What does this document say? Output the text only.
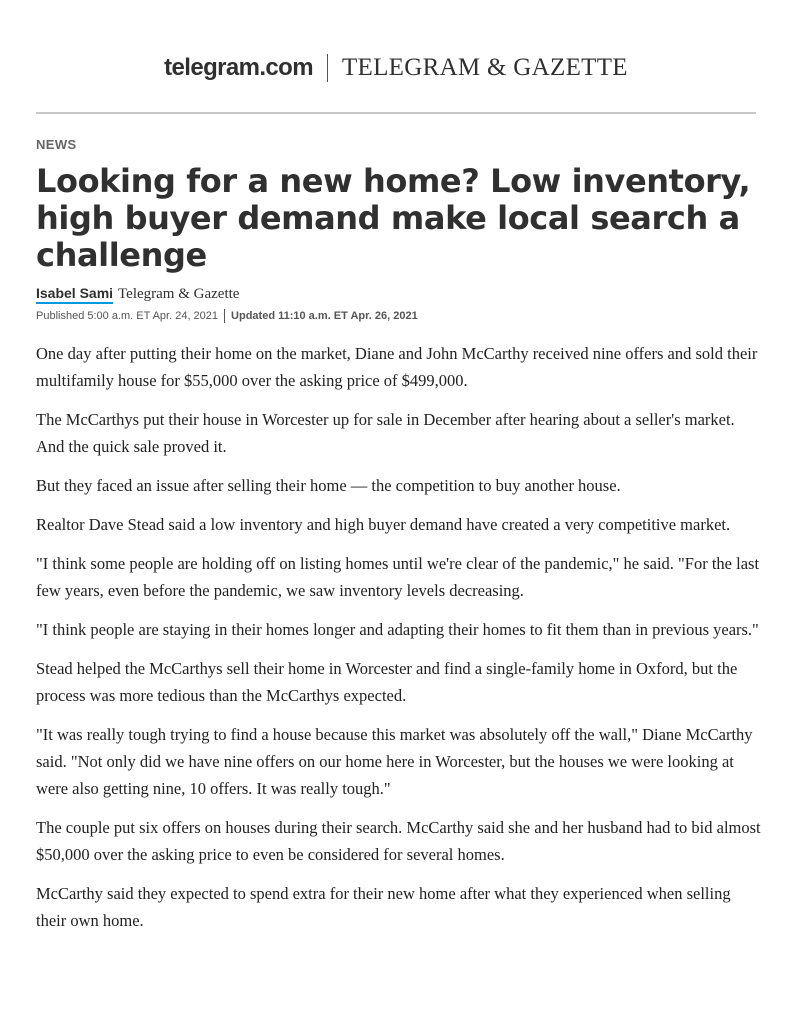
telegram.com TELEGRAM & GAZETTE
NEWS
Looking for a new home? Low inventory, high buyer demand make local search a challenge
Isabel Sami Telegram & Gazette
Published 5:00 a.m. ET Apr. 24, 2021 Updated 11:10 a.m. ET Apr. 26, 2021

One day after putting their home on the market, Diane and John McCarthy received nine offers and sold their multifamily house for $55,000 over the asking price of $499,000.

The McCarthys put their house in Worcester up for sale in December after hearing about a seller's market. And the quick sale proved it.

But they faced an issue after selling their home — the competition to buy another house.

Realtor Dave Stead said a low inventory and high buyer demand have created a very competitive market.

"I think some people are holding off on listing homes until we're clear of the pandemic," he said. "For the last few years, even before the pandemic, we saw inventory levels decreasing.

"I think people are staying in their homes longer and adapting their homes to fit them than in previous years."

Stead helped the McCarthys sell their home in Worcester and find a single-family home in Oxford, but the process was more tedious than the McCarthys expected.

"It was really tough trying to find a house because this market was absolutely off the wall," Diane McCarthy said. "Not only did we have nine offers on our home here in Worcester, but the houses we were looking at were also getting nine, 10 offers. It was really tough."

The couple put six offers on houses during their search. McCarthy said she and her husband had to bid almost $50,000 over the asking price to even be considered for several homes.

McCarthy said they expected to spend extra for their new home after what they experienced when selling their own home.
